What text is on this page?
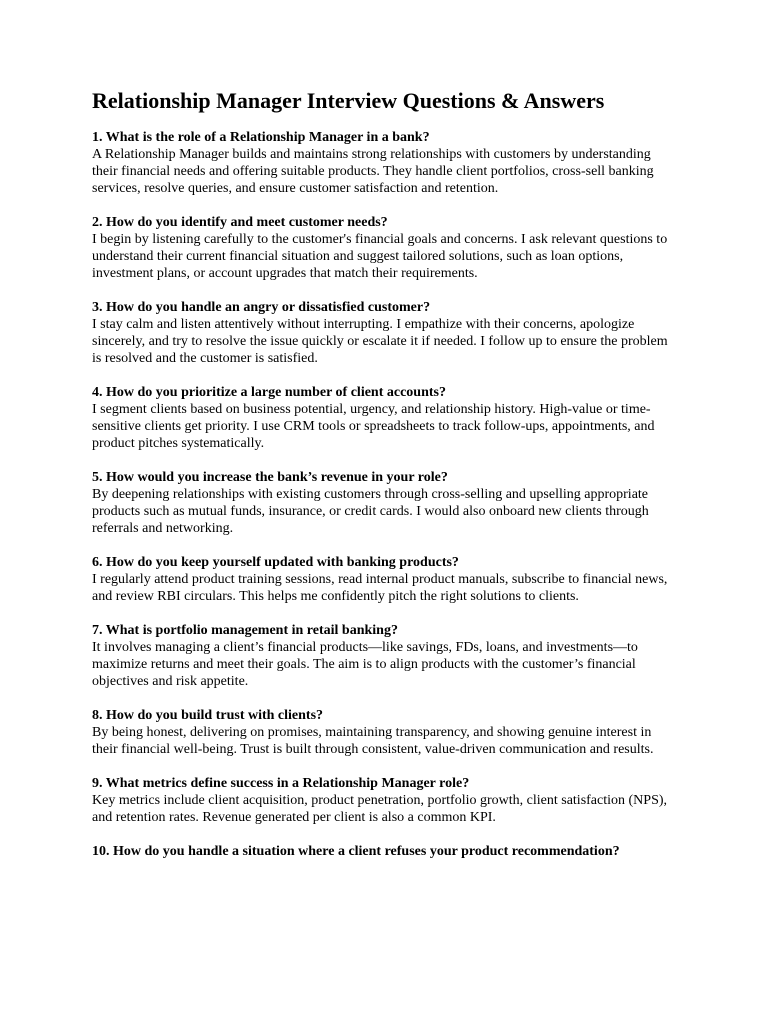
Relationship Manager Interview Questions & Answers

1. What is the role of a Relationship Manager in a bank?

A Relationship Manager builds and maintains strong relationships with customers by understanding their financial needs and offering suitable products. They handle client portfolios, cross-sell banking services, resolve queries, and ensure customer satisfaction and retention.

2. How do you identify and meet customer needs?

I begin by listening carefully to the customer's financial goals and concerns. I ask relevant questions to understand their current financial situation and suggest tailored solutions, such as loan options, investment plans, or account upgrades that match their requirements.

3. How do you handle an angry or dissatisfied customer?

I stay calm and listen attentively without interrupting. I empathize with their concerns, apologize sincerely, and try to resolve the issue quickly or escalate it if needed. I follow up to ensure the problem is resolved and the customer is satisfied.

4. How do you prioritize a large number of client accounts?

I segment clients based on business potential, urgency, and relationship history. High-value or time-sensitive clients get priority. I use CRM tools or spreadsheets to track follow-ups, appointments, and product pitches systematically.

5. How would you increase the bank’s revenue in your role?

By deepening relationships with existing customers through cross-selling and upselling appropriate products such as mutual funds, insurance, or credit cards. I would also onboard new clients through referrals and networking.

6. How do you keep yourself updated with banking products?

I regularly attend product training sessions, read internal product manuals, subscribe to financial news, and review RBI circulars. This helps me confidently pitch the right solutions to clients.

7. What is portfolio management in retail banking?

It involves managing a client’s financial products—like savings, FDs, loans, and investments—to maximize returns and meet their goals. The aim is to align products with the customer’s financial objectives and risk appetite.

8. How do you build trust with clients?

By being honest, delivering on promises, maintaining transparency, and showing genuine interest in their financial well-being. Trust is built through consistent, value-driven communication and results.

9. What metrics define success in a Relationship Manager role?

Key metrics include client acquisition, product penetration, portfolio growth, client satisfaction (NPS), and retention rates. Revenue generated per client is also a common KPI.

10. How do you handle a situation where a client refuses your product recommendation?
